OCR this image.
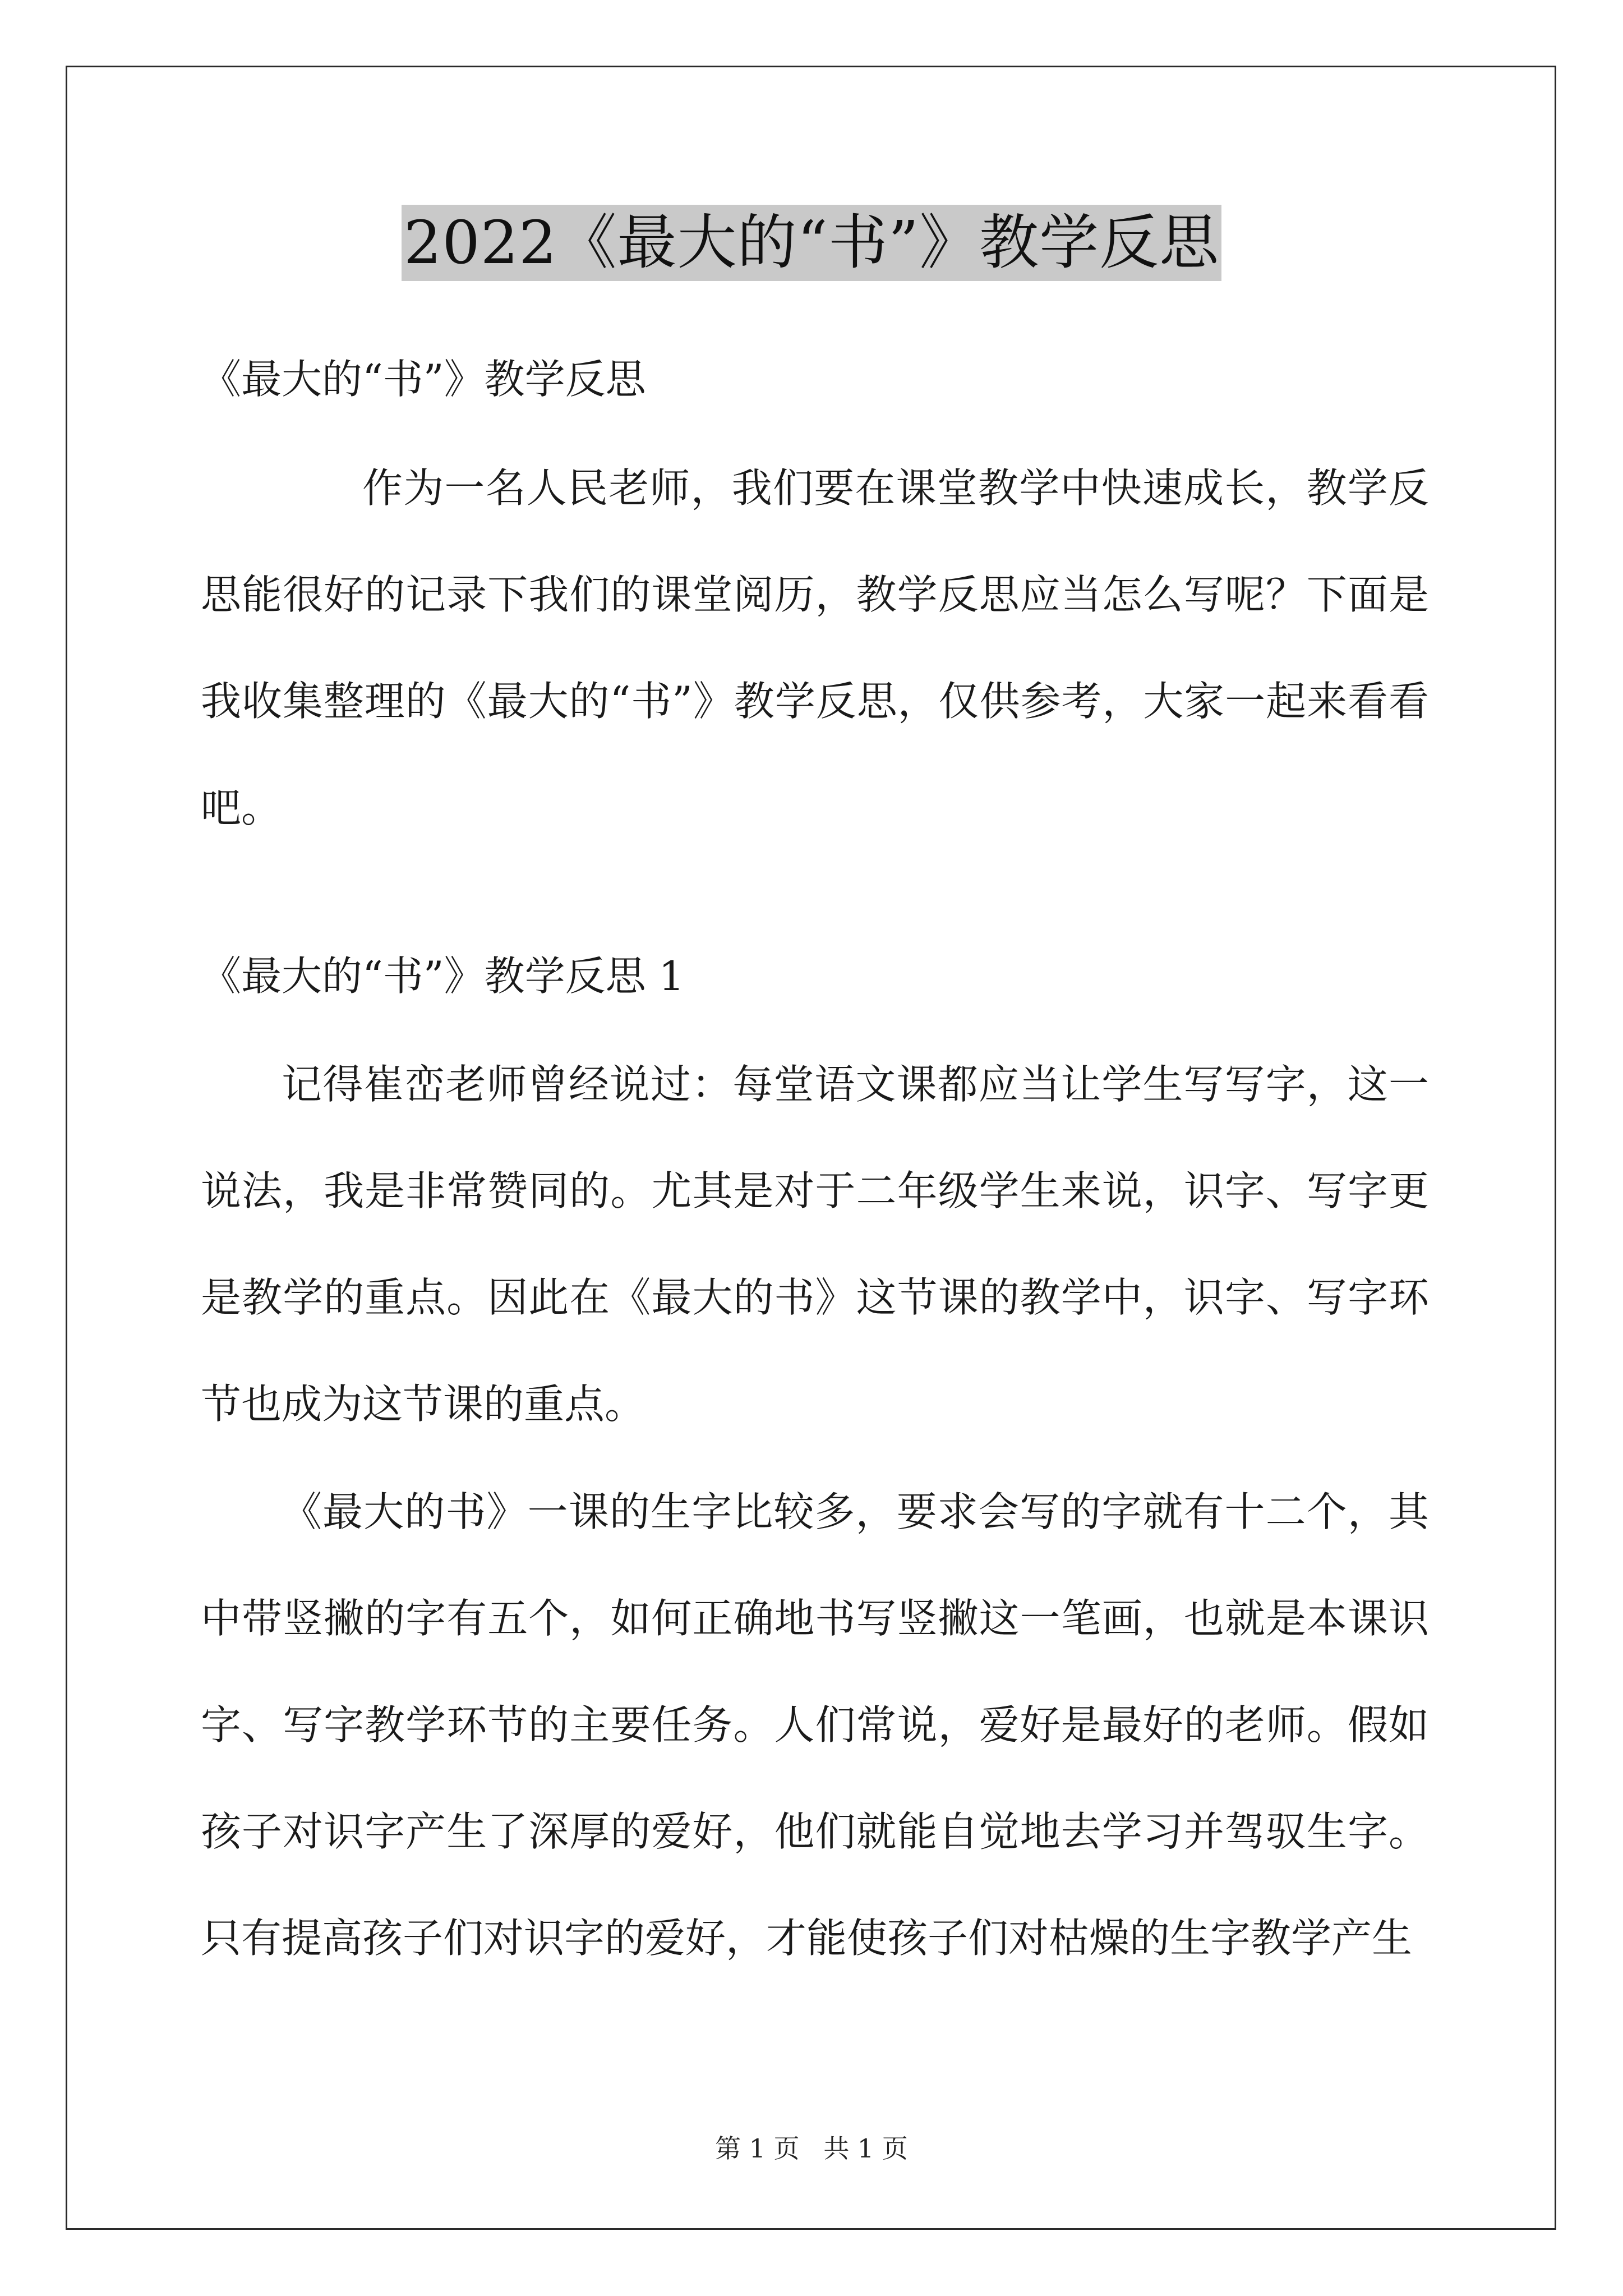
2022《最大的“书”》教学反思
《最大的“书”》教学反思
作为一名人民老师，我们要在课堂教学中快速成长，教学反思能很好的记录下我们的课堂阅历，教学反思应当怎么写呢？下面是我收集整理的《最大的“书”》教学反思，仅供参考，大家一起来看看吧。
《最大的“书”》教学反思 1
记得崔峦老师曾经说过：每堂语文课都应当让学生写写字，这一说法，我是非常赞同的。尤其是对于二年级学生来说，识字、写字更是教学的重点。因此在《最大的书》这节课的教学中，识字、写字环节也成为这节课的重点。
《最大的书》一课的生字比较多，要求会写的字就有十二个，其中带竖撇的字有五个，如何正确地书写竖撇这一笔画，也就是本课识字、写字教学环节的主要任务。人们常说，爱好是最好的老师。假如孩子对识字产生了深厚的爱好，他们就能自觉地去学习并驾驭生字。只有提高孩子们对识字的爱好，才能使孩子们对枯燥的生字教学产生
第 1 页 共 1 页
